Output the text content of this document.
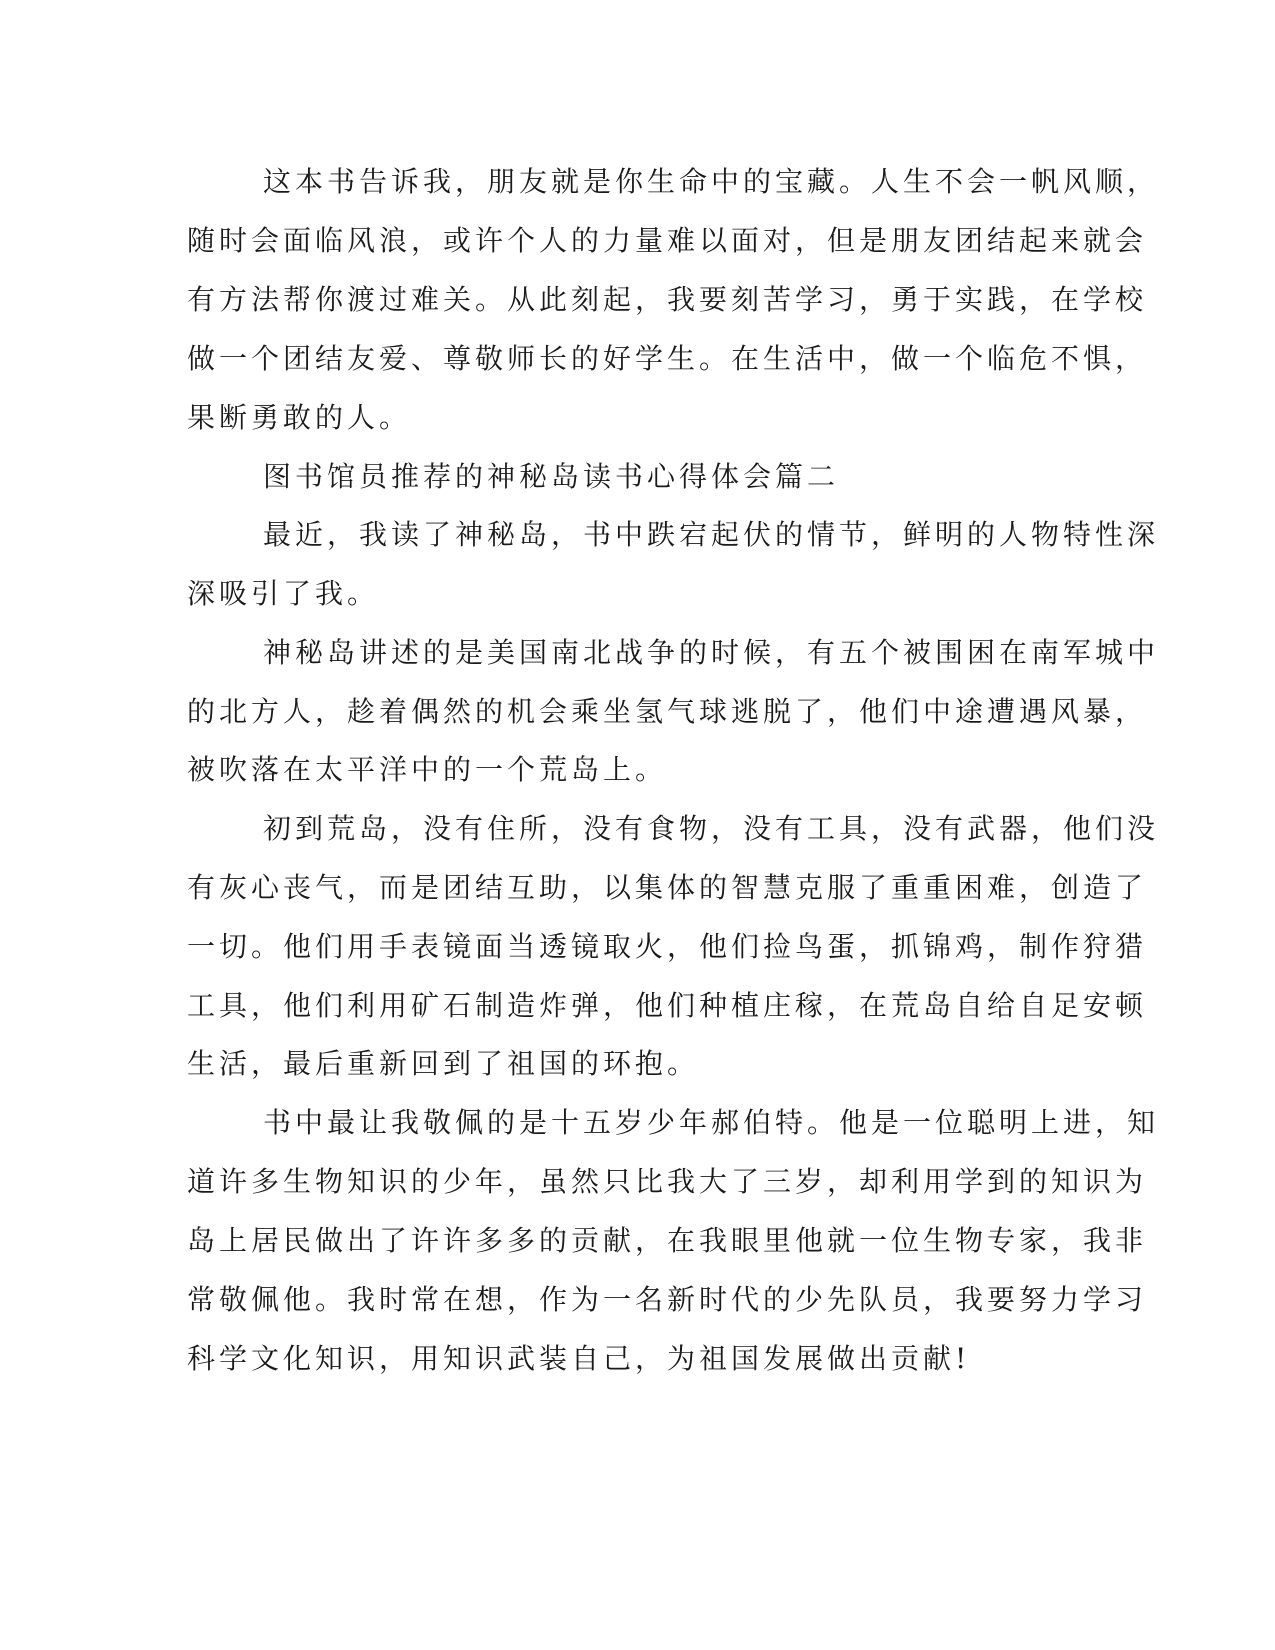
这本书告诉我，朋友就是你生命中的宝藏。人生不会一帆风顺，
随时会面临风浪，或许个人的力量难以面对，但是朋友团结起来就会
有方法帮你渡过难关。从此刻起，我要刻苦学习，勇于实践，在学校
做一个团结友爱、尊敬师长的好学生。在生活中，做一个临危不惧，
果断勇敢的人。
图书馆员推荐的神秘岛读书心得体会篇二
最近，我读了神秘岛，书中跌宕起伏的情节，鲜明的人物特性深
深吸引了我。
神秘岛讲述的是美国南北战争的时候，有五个被围困在南军城中
的北方人，趁着偶然的机会乘坐氢气球逃脱了，他们中途遭遇风暴，
被吹落在太平洋中的一个荒岛上。
初到荒岛，没有住所，没有食物，没有工具，没有武器，他们没
有灰心丧气，而是团结互助，以集体的智慧克服了重重困难，创造了
一切。他们用手表镜面当透镜取火，他们捡鸟蛋，抓锦鸡，制作狩猎
工具，他们利用矿石制造炸弹，他们种植庄稼，在荒岛自给自足安顿
生活，最后重新回到了祖国的环抱。
书中最让我敬佩的是十五岁少年郝伯特。他是一位聪明上进，知
道许多生物知识的少年，虽然只比我大了三岁，却利用学到的知识为
岛上居民做出了许许多多的贡献，在我眼里他就一位生物专家，我非
常敬佩他。我时常在想，作为一名新时代的少先队员，我要努力学习
科学文化知识，用知识武装自己，为祖国发展做出贡献!
